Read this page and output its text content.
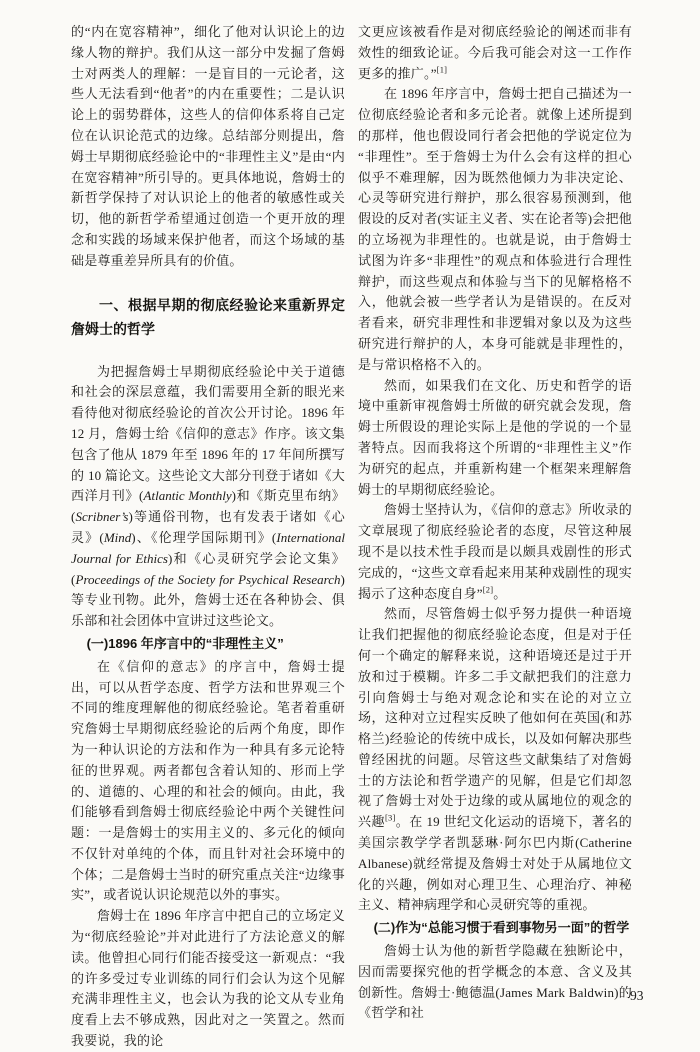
的“内在宽容精神”，细化了他对认识论上的边缘人物的辩护。我们从这一部分中发掘了詹姆士对两类人的理解：一是盲目的一元论者，这些人无法看到“他者”的内在重要性；二是认识论上的弱势群体，这些人的信仰体系将自己定位在认识论范式的边缘。总结部分则提出，詹姆士早期彻底经验论中的“非理性主义”是由“内在宽容精神”所引导的。更具体地说，詹姆士的新哲学保持了对认识论上的他者的敏感性或关切，他的新哲学希望通过创造一个更开放的理念和实践的场域来保护他者，而这个场域的基础是尊重差异所具有的价值。

一、根据早期的彻底经验论来重新界定詹姆士的哲学

为把握詹姆士早期彻底经验论中关于道德和社会的深层意蕴，我们需要用全新的眼光来看待他对彻底经验论的首次公开讨论。1896 年 12 月，詹姆士给《信仰的意志》作序。该文集包含了他从 1879 年至 1896 年的 17 年间所撰写的 10 篇论文。这些论文大部分刊登于诸如《大西洋月刊》(Atlantic Monthly)和《斯克里布纳》(Scribner’s)等通俗刊物，也有发表于诸如《心灵》(Mind)、《伦理学国际期刊》(International Journal for Ethics)和《心灵研究学会论文集》(Proceedings of the Society for Psychical Research)等专业刊物。此外，詹姆士还在各种协会、俱乐部和社会团体中宣讲过这些论文。

(一)1896 年序言中的“非理性主义”

在《信仰的意志》的序言中，詹姆士提出，可以从哲学态度、哲学方法和世界观三个不同的维度理解他的彻底经验论。笔者着重研究詹姆士早期彻底经验论的后两个角度，即作为一种认识论的方法和作为一种具有多元论特征的世界观。两者都包含着认知的、形而上学的、道德的、心理的和社会的倾向。由此，我们能够看到詹姆士彻底经验论中两个关键性问题：一是詹姆士的实用主义的、多元化的倾向不仅针对单纯的个体，而且针对社会环境中的个体；二是詹姆士当时的研究重点关注“边缘事实”，或者说认识论规范以外的事实。

詹姆士在 1896 年序言中把自己的立场定义为“彻底经验论”并对此进行了方法论意义的解读。他曾担心同行们能否接受这一新观点：“我的许多受过专业训练的同行们会认为这个见解充满非理性主义，也会认为我的论文从专业角度看上去不够成熟，因此对之一笑置之。然而我要说，我的论

文更应该被看作是对彻底经验论的阐述而非有效性的细致论证。今后我可能会对这一工作作更多的推广。”[1]

在 1896 年序言中，詹姆士把自己描述为一位彻底经验论者和多元论者。就像上述所提到的那样，他也假设同行者会把他的学说定位为“非理性”。至于詹姆士为什么会有这样的担心似乎不难理解，因为既然他倾力为非决定论、心灵等研究进行辩护，那么很容易预测到，他假设的反对者(实证主义者、实在论者等)会把他的立场视为非理性的。也就是说，由于詹姆士试图为许多“非理性”的观点和体验进行合理性辩护，而这些观点和体验与当下的见解格格不入，他就会被一些学者认为是错误的。在反对者看来，研究非理性和非逻辑对象以及为这些研究进行辩护的人，本身可能就是非理性的，是与常识格格不入的。

然而，如果我们在文化、历史和哲学的语境中重新审视詹姆士所做的研究就会发现，詹姆士所假设的理论实际上是他的学说的一个显著特点。因而我将这个所谓的“非理性主义”作为研究的起点，并重新构建一个框架来理解詹姆士的早期彻底经验论。

詹姆士坚持认为，《信仰的意志》所收录的文章展现了彻底经验论者的态度，尽管这种展现不是以技术性手段而是以颇具戏剧性的形式完成的，“这些文章看起来用某种戏剧性的现实揭示了这种态度自身”[2]。

然而，尽管詹姆士似乎努力提供一种语境让我们把握他的彻底经验论态度，但是对于任何一个确定的解释来说，这种语境还是过于开放和过于模糊。许多二手文献把我们的注意力引向詹姆士与绝对观念论和实在论的对立立场，这种对立过程实反映了他如何在英国(和苏格兰)经验论的传统中成长，以及如何解决那些曾经困扰的问题。尽管这些文献集结了对詹姆士的方法论和哲学遗产的见解，但是它们却忽视了詹姆士对处于边缘的或从属地位的观念的兴趣[3]。在 19 世纪文化运动的语境下，著名的美国宗教学学者凯瑟琳·阿尔巴内斯(Catherine Albanese)就经常提及詹姆士对处于从属地位文化的兴趣，例如对心理卫生、心理治疗、神秘主义、精神病理学和心灵研究等的重视。

(二)作为“总能习惯于看到事物另一面”的哲学

詹姆士认为他的新哲学隐藏在独断论中，因而需要探究他的哲学概念的本意、含义及其创新性。詹姆士·鲍德温(James Mark Baldwin)的《哲学和社

93
